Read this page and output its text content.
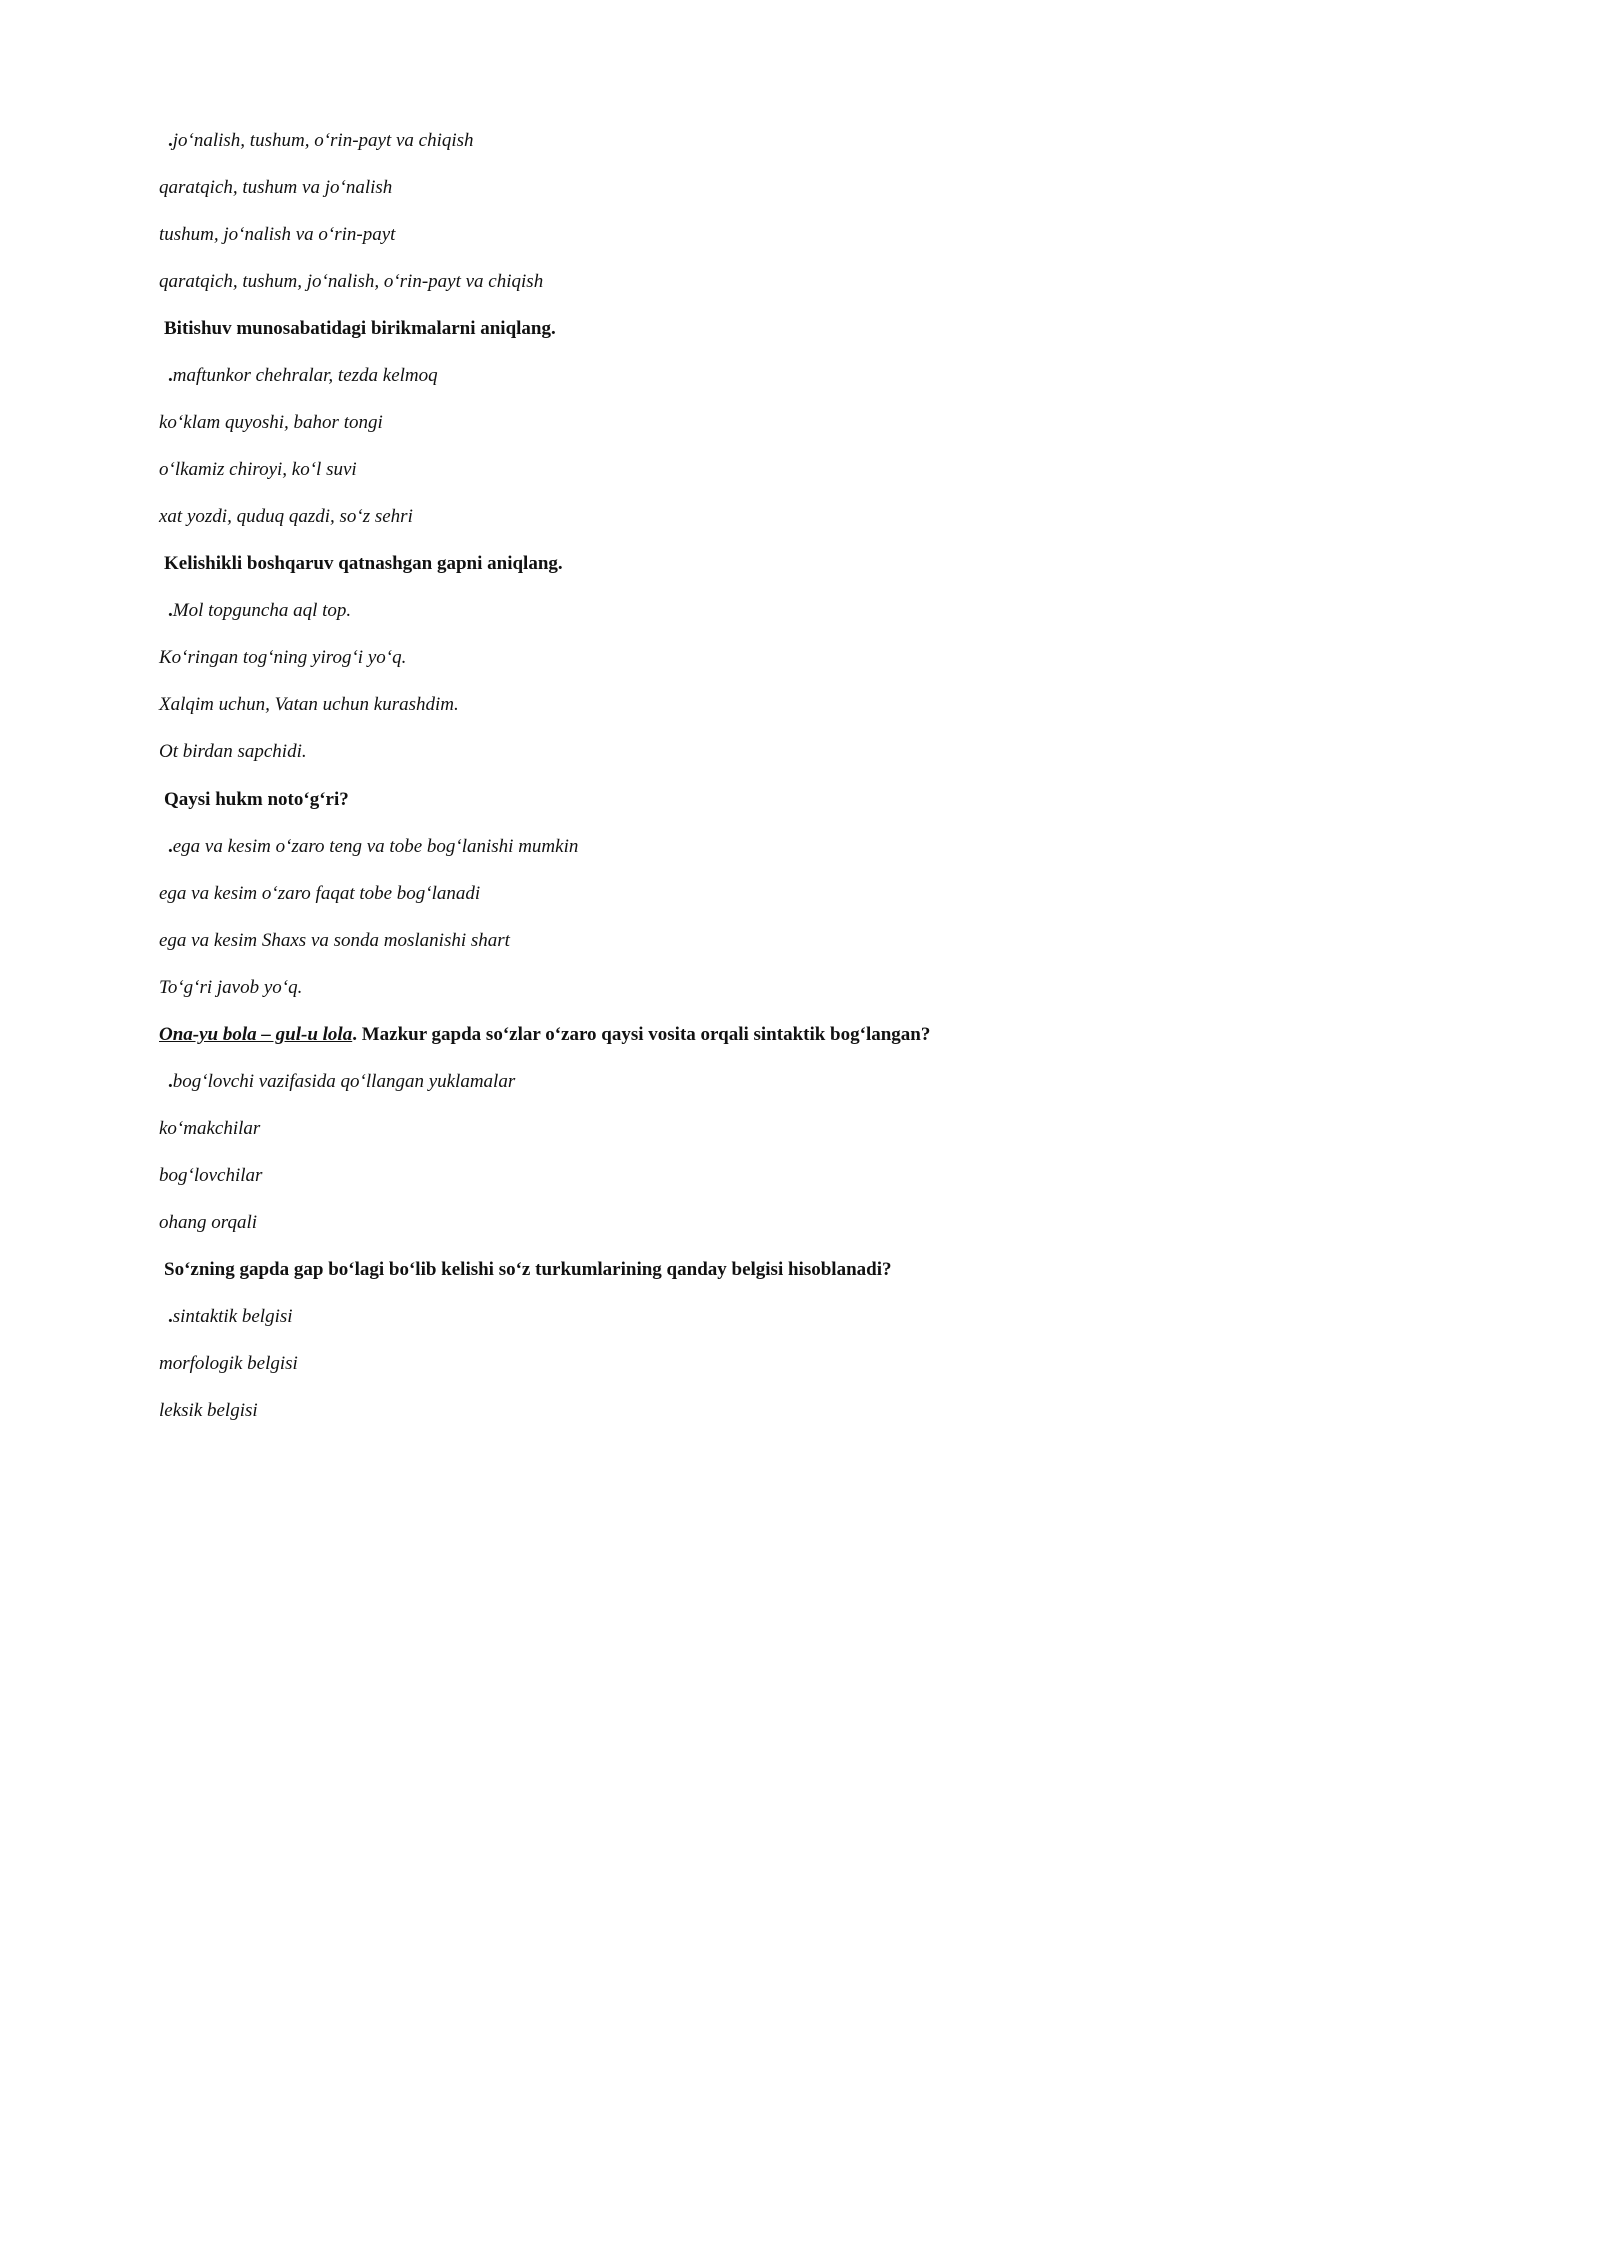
.jo‘nalish, tushum, o‘rin-payt va chiqish
qaratqich, tushum va jo‘nalish
tushum, jo‘nalish va o‘rin-payt
qaratqich, tushum, jo‘nalish, o‘rin-payt va chiqish
Bitishuv munosabatidagi birikmalarni aniqlang.
.maftunkor chehralar, tezda kelmoq
ko‘klam quyoshi, bahor tongi
o‘lkamiz chiroyi, ko‘l suvi
xat yozdi, quduq qazdi, so‘z sehri
Kelishikli boshqaruv qatnashgan gapni aniqlang.
.Mol topguncha aql top.
Ko‘ringan tog‘ning yirog‘i yo‘q.
Xalqim uchun, Vatan uchun kurashdim.
Ot birdan sapchidi.
Qaysi hukm noto‘g‘ri?
.ega va kesim o‘zaro teng va tobe bog‘lanishi mumkin
ega va kesim o‘zaro faqat tobe bog‘lanadi
ega va kesim Shaxs va sonda moslanishi shart
To‘g‘ri javob yo‘q.
Ona-yu bola – gul-u lola. Mazkur gapda so‘zlar o‘zaro qaysi vosita orqali sintaktik bog‘langan?
.bog‘lovchi vazifasida qo‘llangan yuklamalar
ko‘makchilar
bog‘lovchilar
ohang orqali
So‘zning gapda gap bo‘lagi bo‘lib kelishi so‘z turkumlarining qanday belgisi hisoblanadi?
.sintaktik belgisi
morfologik belgisi
leksik belgisi
